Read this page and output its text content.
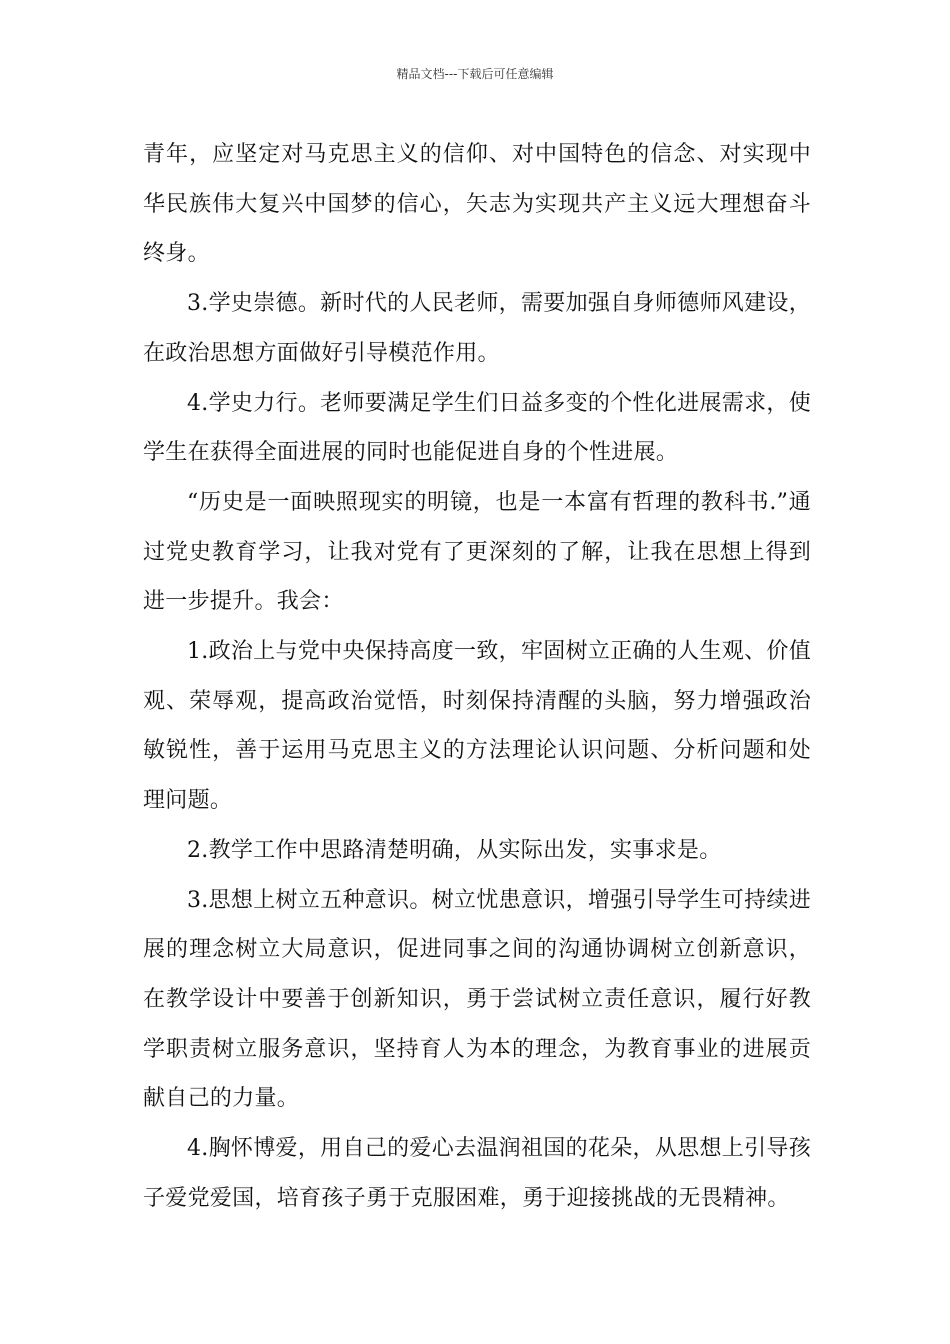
精品文档---下载后可任意编辑

青年，应坚定对马克思主义的信仰、对中国特色的信念、对实现中华民族伟大复兴中国梦的信心，矢志为实现共产主义远大理想奋斗终身。

3.学史崇德。新时代的人民老师，需要加强自身师德师风建设，在政治思想方面做好引导模范作用。

4.学史力行。老师要满足学生们日益多变的个性化进展需求，使学生在获得全面进展的同时也能促进自身的个性进展。

“历史是一面映照现实的明镜，也是一本富有哲理的教科书.”通过党史教育学习，让我对党有了更深刻的了解，让我在思想上得到进一步提升。我会：

1.政治上与党中央保持高度一致，牢固树立正确的人生观、价值观、荣辱观，提高政治觉悟，时刻保持清醒的头脑，努力增强政治敏锐性，善于运用马克思主义的方法理论认识问题、分析问题和处理问题。

2.教学工作中思路清楚明确，从实际出发，实事求是。

3.思想上树立五种意识。树立忧患意识，增强引导学生可持续进展的理念树立大局意识，促进同事之间的沟通协调树立创新意识，在教学设计中要善于创新知识，勇于尝试树立责任意识，履行好教学职责树立服务意识，坚持育人为本的理念，为教育事业的进展贡献自己的力量。

4.胸怀博爱，用自己的爱心去温润祖国的花朵，从思想上引导孩子爱党爱国，培育孩子勇于克服困难，勇于迎接挑战的无畏精神。
